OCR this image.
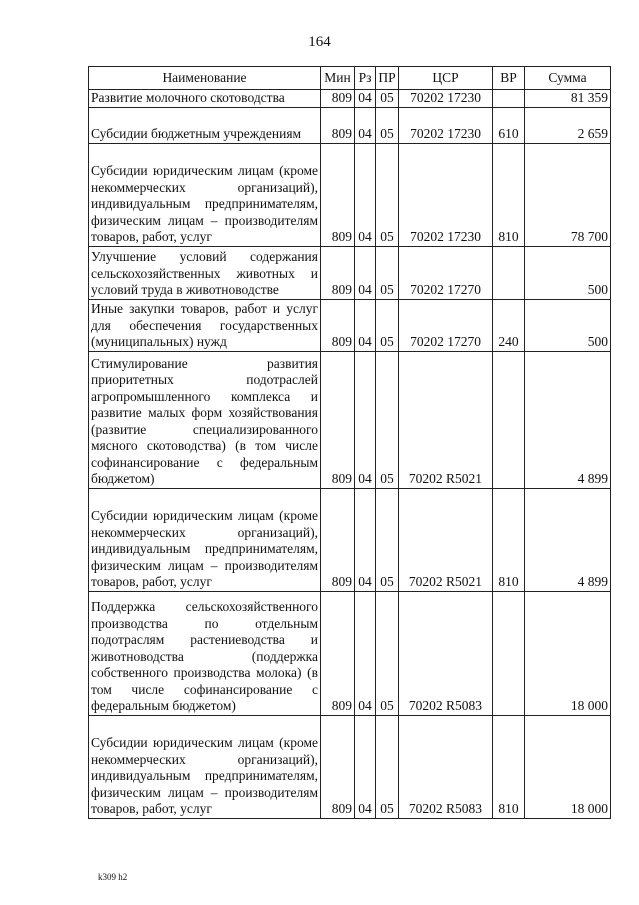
164
Наименование	Мин	Рз	ПР	ЦСР	ВР	Сумма
Развитие молочного скотоводства	809	04	05	70202 17230		81 359
Субсидии бюджетным учреждениям	809	04	05	70202 17230	610	2 659
Субсидии юридическим лицам (кроме некоммерческих организаций), индивидуальным предпринимателям, физическим лицам – производителям товаров, работ, услуг	809	04	05	70202 17230	810	78 700
Улучшение условий содержания сельскохозяйственных животных и условий труда в животноводстве	809	04	05	70202 17270		500
Иные закупки товаров, работ и услуг для обеспечения государственных (муниципальных) нужд	809	04	05	70202 17270	240	500
Стимулирование развития приоритетных подотраслей агропромышленного комплекса и развитие малых форм хозяйствования (развитие специализированного мясного скотоводства) (в том числе софинансирование с федеральным бюджетом)	809	04	05	70202 R5021		4 899
Субсидии юридическим лицам (кроме некоммерческих организаций), индивидуальным предпринимателям, физическим лицам – производителям товаров, работ, услуг	809	04	05	70202 R5021	810	4 899
Поддержка сельскохозяйственного производства по отдельным подотраслям растениеводства и животноводства (поддержка собственного производства молока) (в том числе софинансирование с федеральным бюджетом)	809	04	05	70202 R5083		18 000
Субсидии юридическим лицам (кроме некоммерческих организаций), индивидуальным предпринимателям, физическим лицам – производителям товаров, работ, услуг	809	04	05	70202 R5083	810	18 000
k309 h2
